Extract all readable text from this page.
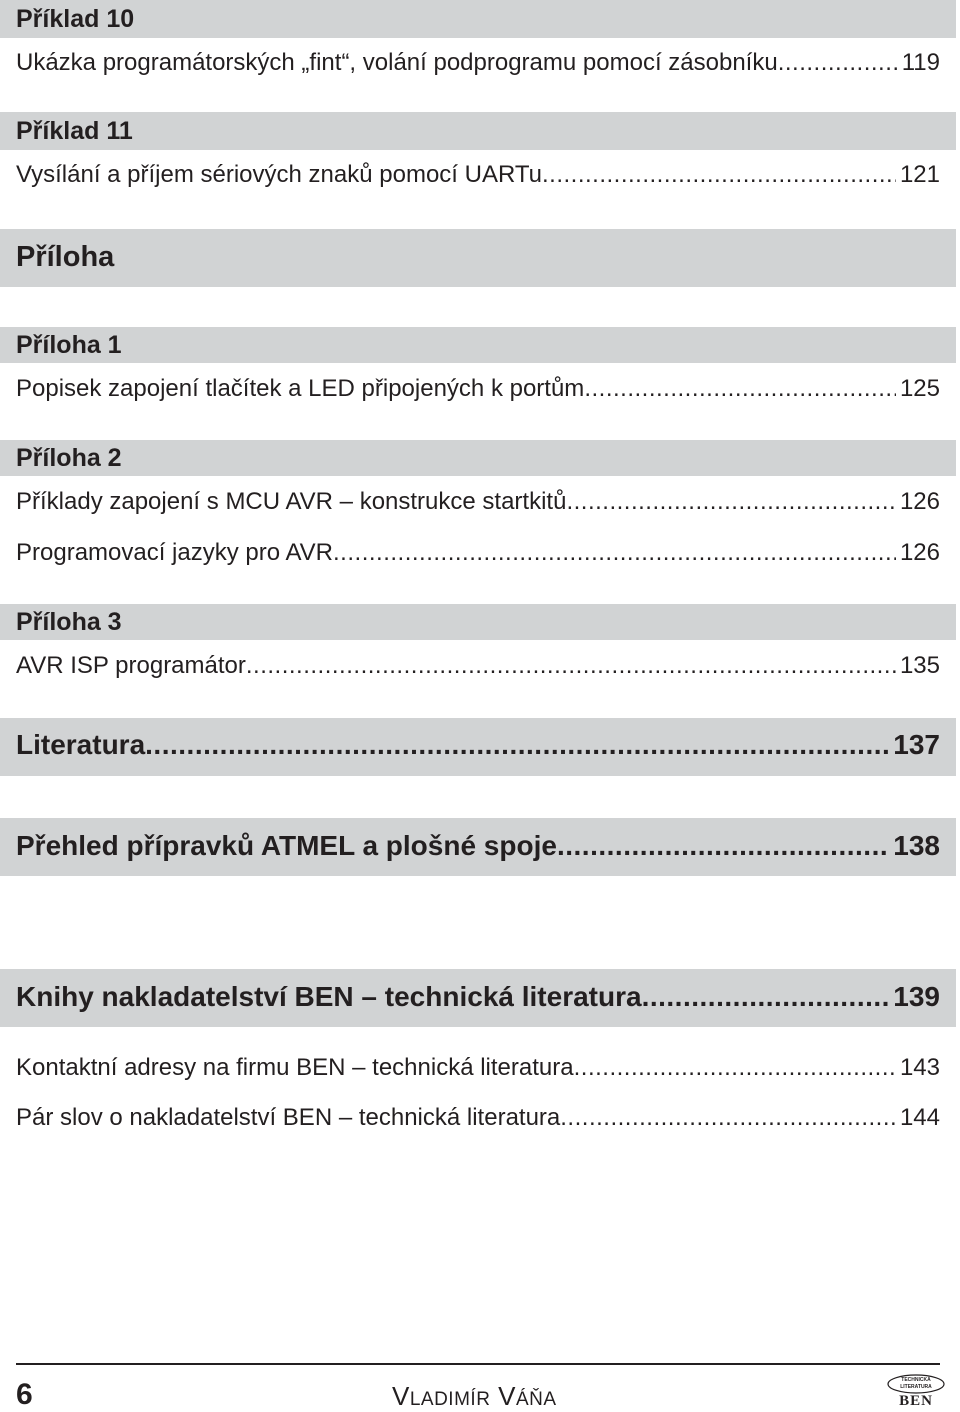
Příklad 10
Ukázka programátorských „fint“, volání podprogramu pomocí zásobníku .....	119
Příklad 11
Vysílání a příjem sériových znaků pomocí UARTu .....	121
Příloha
Příloha 1
Popisek zapojení tlačítek a LED připojených k portům .....	125
Příloha 2
Příklady zapojení s MCU AVR – konstrukce startkitů .....	126
Programovací jazyky pro AVR .....	126
Příloha 3
AVR ISP programátor .....	135
Literatura .....	137
Přehled přípravků ATMEL a plošné spoje .....	138
Knihy nakladatelství BEN – technická literatura .....	139
Kontaktní adresy na firmu BEN – technická literatura .....	143
Pár slov o nakladatelství BEN – technická literatura .....	144
6	VLADIMÍR VÁŇA
TECHNICKÁ
LITERATURA
BEN
